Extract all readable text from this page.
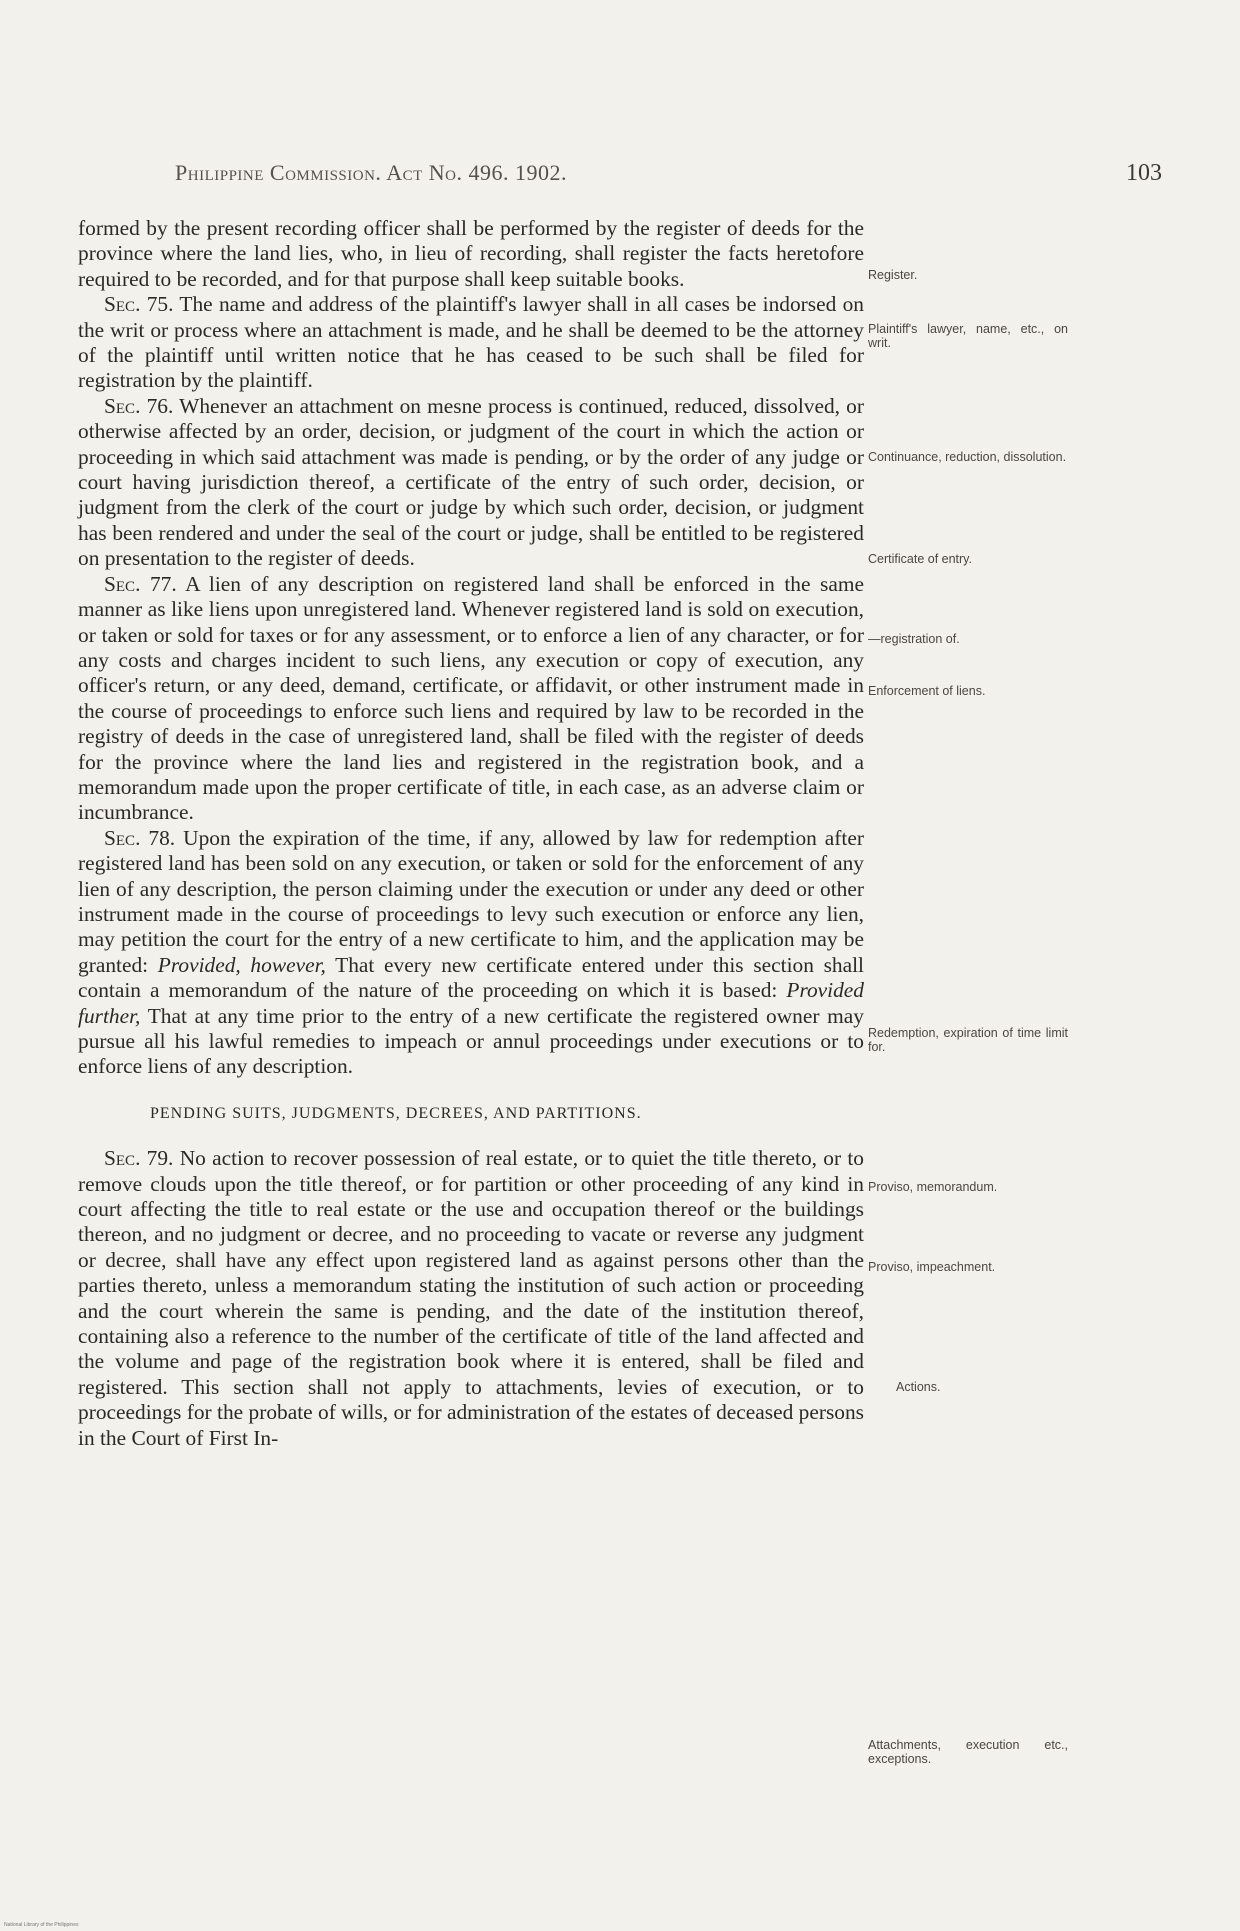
Philippine Commission. Act No. 496. 1902.	103

formed by the present recording officer shall be performed by the register of deeds for the province where the land lies, who, in lieu of recording, shall register the facts heretofore required to be recorded, and for that purpose shall keep suitable books.

Sec. 75. The name and address of the plaintiff's lawyer shall in all cases be indorsed on the writ or process where an attachment is made, and he shall be deemed to be the attorney of the plaintiff until written notice that he has ceased to be such shall be filed for registration by the plaintiff.

Sec. 76. Whenever an attachment on mesne process is continued, reduced, dissolved, or otherwise affected by an order, decision, or judgment of the court in which the action or proceeding in which said attachment was made is pending, or by the order of any judge or court having jurisdiction thereof, a certificate of the entry of such order, decision, or judgment from the clerk of the court or judge by which such order, decision, or judgment has been rendered and under the seal of the court or judge, shall be entitled to be registered on presentation to the register of deeds.

Sec. 77. A lien of any description on registered land shall be enforced in the same manner as like liens upon unregistered land. Whenever registered land is sold on execution, or taken or sold for taxes or for any assessment, or to enforce a lien of any character, or for any costs and charges incident to such liens, any execution or copy of execution, any officer's return, or any deed, demand, certificate, or affidavit, or other instrument made in the course of proceedings to enforce such liens and required by law to be recorded in the registry of deeds in the case of unregistered land, shall be filed with the register of deeds for the province where the land lies and registered in the registration book, and a memorandum made upon the proper certificate of title, in each case, as an adverse claim or incumbrance.

Sec. 78. Upon the expiration of the time, if any, allowed by law for redemption after registered land has been sold on any execution, or taken or sold for the enforcement of any lien of any description, the person claiming under the execution or under any deed or other instrument made in the course of proceedings to levy such execution or enforce any lien, may petition the court for the entry of a new certificate to him, and the application may be granted: Provided, however, That every new certificate entered under this section shall contain a memorandum of the nature of the proceeding on which it is based: Provided further, That at any time prior to the entry of a new certificate the registered owner may pursue all his lawful remedies to impeach or annul proceedings under executions or to enforce liens of any description.

PENDING SUITS, JUDGMENTS, DECREES, AND PARTITIONS.

Sec. 79. No action to recover possession of real estate, or to quiet the title thereto, or to remove clouds upon the title thereof, or for partition or other proceeding of any kind in court affecting the title to real estate or the use and occupation thereof or the buildings thereon, and no judgment or decree, and no proceeding to vacate or reverse any judgment or decree, shall have any effect upon registered land as against persons other than the parties thereto, unless a memorandum stating the institution of such action or proceeding and the court wherein the same is pending, and the date of the institution thereof, containing also a reference to the number of the certificate of title of the land affected and the volume and page of the registration book where it is entered, shall be filed and registered. This section shall not apply to attachments, levies of execution, or to proceedings for the probate of wills, or for administration of the estates of deceased persons in the Court of First In-

Register.
Plaintiff's lawyer, name, etc., on writ.
Continuance, reduction, dissolution.
Certificate of entry.
—registration of.
Enforcement of liens.
Redemption, expiration of time limit for.
Proviso, memorandum.
Proviso, impeachment.
Actions.
Attachments, execution etc., exceptions.
National Library of the Philippines
